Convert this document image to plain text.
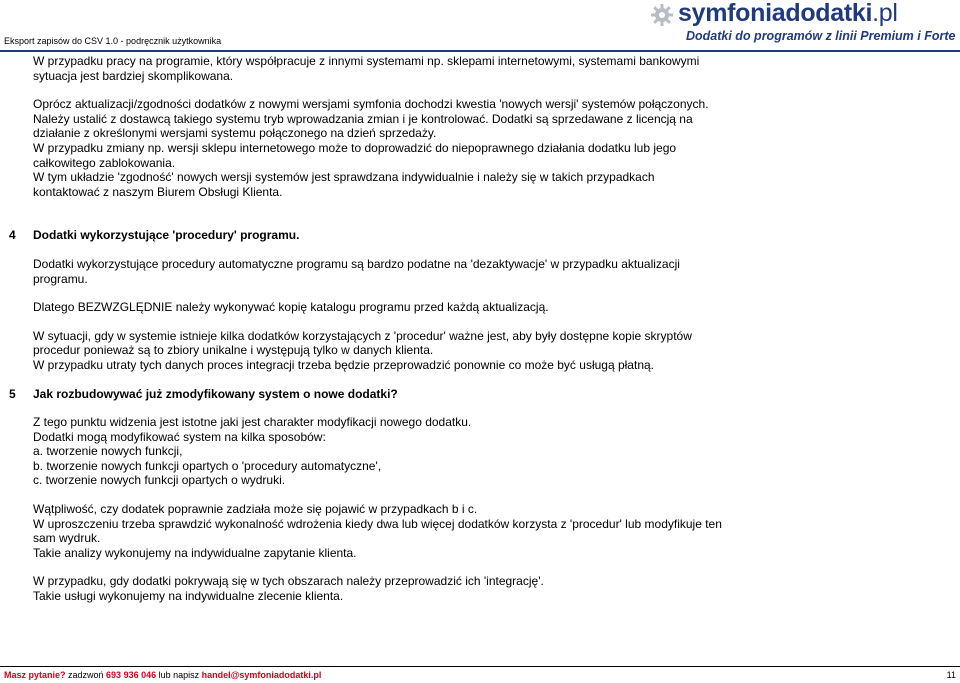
Eksport zapisów do CSV 1.0 - podręcznik użytkownika
symfoniadodatki.pl
Dodatki do programów z linii Premium i Forte

W przypadku pracy na programie, który współpracuje z innymi systemami np. sklepami internetowymi, systemami bankowymi sytuacja jest bardziej skomplikowana.

Oprócz aktualizacji/zgodności dodatków z nowymi wersjami symfonia dochodzi kwestia 'nowych wersji' systemów połączonych.

Należy ustalić z dostawcą takiego systemu tryb wprowadzania zmian i je kontrolować. Dodatki są sprzedawane z licencją na działanie z określonymi wersjami systemu połączonego na dzień sprzedaży.

W przypadku zmiany np. wersji sklepu internetowego może to doprowadzić do niepoprawnego działania dodatku lub jego całkowitego zablokowania.

W tym układzie 'zgodność' nowych wersji systemów jest sprawdzana indywidualnie i należy się w takich przypadkach kontaktować z naszym Biurem Obsługi Klienta.

4 Dodatki wykorzystujące 'procedury' programu.

Dodatki wykorzystujące procedury automatyczne programu są bardzo podatne na 'dezaktywacje' w przypadku aktualizacji programu.

Dlatego BEZWZGLĘDNIE należy wykonywać kopię katalogu programu przed każdą aktualizacją.

W sytuacji, gdy w systemie istnieje kilka dodatków korzystających z 'procedur' ważne jest, aby były dostępne kopie skryptów procedur ponieważ są to zbiory unikalne i występują tylko w danych klienta.

W przypadku utraty tych danych proces integracji trzeba będzie przeprowadzić ponownie co może być usługą płatną.

5 Jak rozbudowywać już zmodyfikowany system o nowe dodatki?

Z tego punktu widzenia jest istotne jaki jest charakter modyfikacji nowego dodatku.

Dodatki mogą modyfikować system na kilka sposobów:

a. tworzenie nowych funkcji,

b. tworzenie nowych funkcji opartych o 'procedury automatyczne',

c. tworzenie nowych funkcji opartych o wydruki.

Wątpliwość, czy dodatek poprawnie zadziała może się pojawić w przypadkach b i c.

W uproszczeniu trzeba sprawdzić wykonalność wdrożenia kiedy dwa lub więcej dodatków korzysta z 'procedur' lub modyfikuje ten sam wydruk.

Takie analizy wykonujemy na indywidualne zapytanie klienta.

W przypadku, gdy dodatki pokrywają się w tych obszarach należy przeprowadzić ich 'integrację'.

Takie usługi wykonujemy na indywidualne zlecenie klienta.

Masz pytanie? zadzwoń 693 936 046 lub napisz handel@symfoniadodatki.pl	11
